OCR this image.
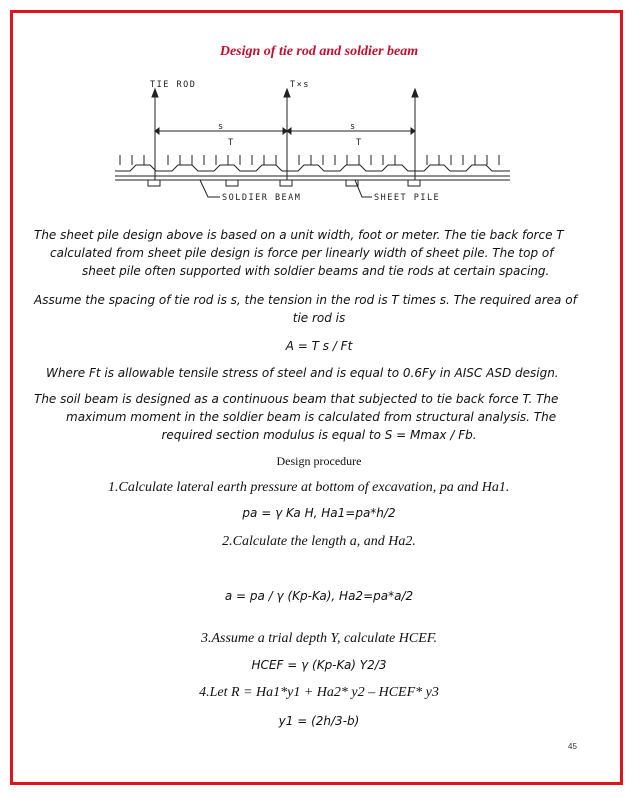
Design of tie rod and soldier beam
TIE ROD	T×s
s	s
T	T
SOLDIER BEAM	SHEET PILE
The sheet pile design above is based on a unit width, foot or meter. The tie back force T
calculated from sheet pile design is force per linearly width of sheet pile. The top of
sheet pile often supported with soldier beams and tie rods at certain spacing.
Assume the spacing of tie rod is s, the tension in the rod is T times s. The required area of
tie rod is
A = T s / Ft
Where Ft is allowable tensile stress of steel and is equal to 0.6Fy in AISC ASD design.
The soil beam is designed as a continuous beam that subjected to tie back force T. The
maximum moment in the soldier beam is calculated from structural analysis. The
required section modulus is equal to S = Mmax / Fb.
Design procedure
1.Calculate lateral earth pressure at bottom of excavation, pa and Ha1.
pa = γ Ka H, Ha1=pa*h/2
2.Calculate the length a, and Ha2.
a = pa / γ (Kp-Ka), Ha2=pa*a/2
3.Assume a trial depth Y, calculate HCEF.
HCEF = γ (Kp-Ka) Y2/3
4.Let R = Ha1*y1 + Ha2* y2 – HCEF* y3
y1 = (2h/3-b)
45
